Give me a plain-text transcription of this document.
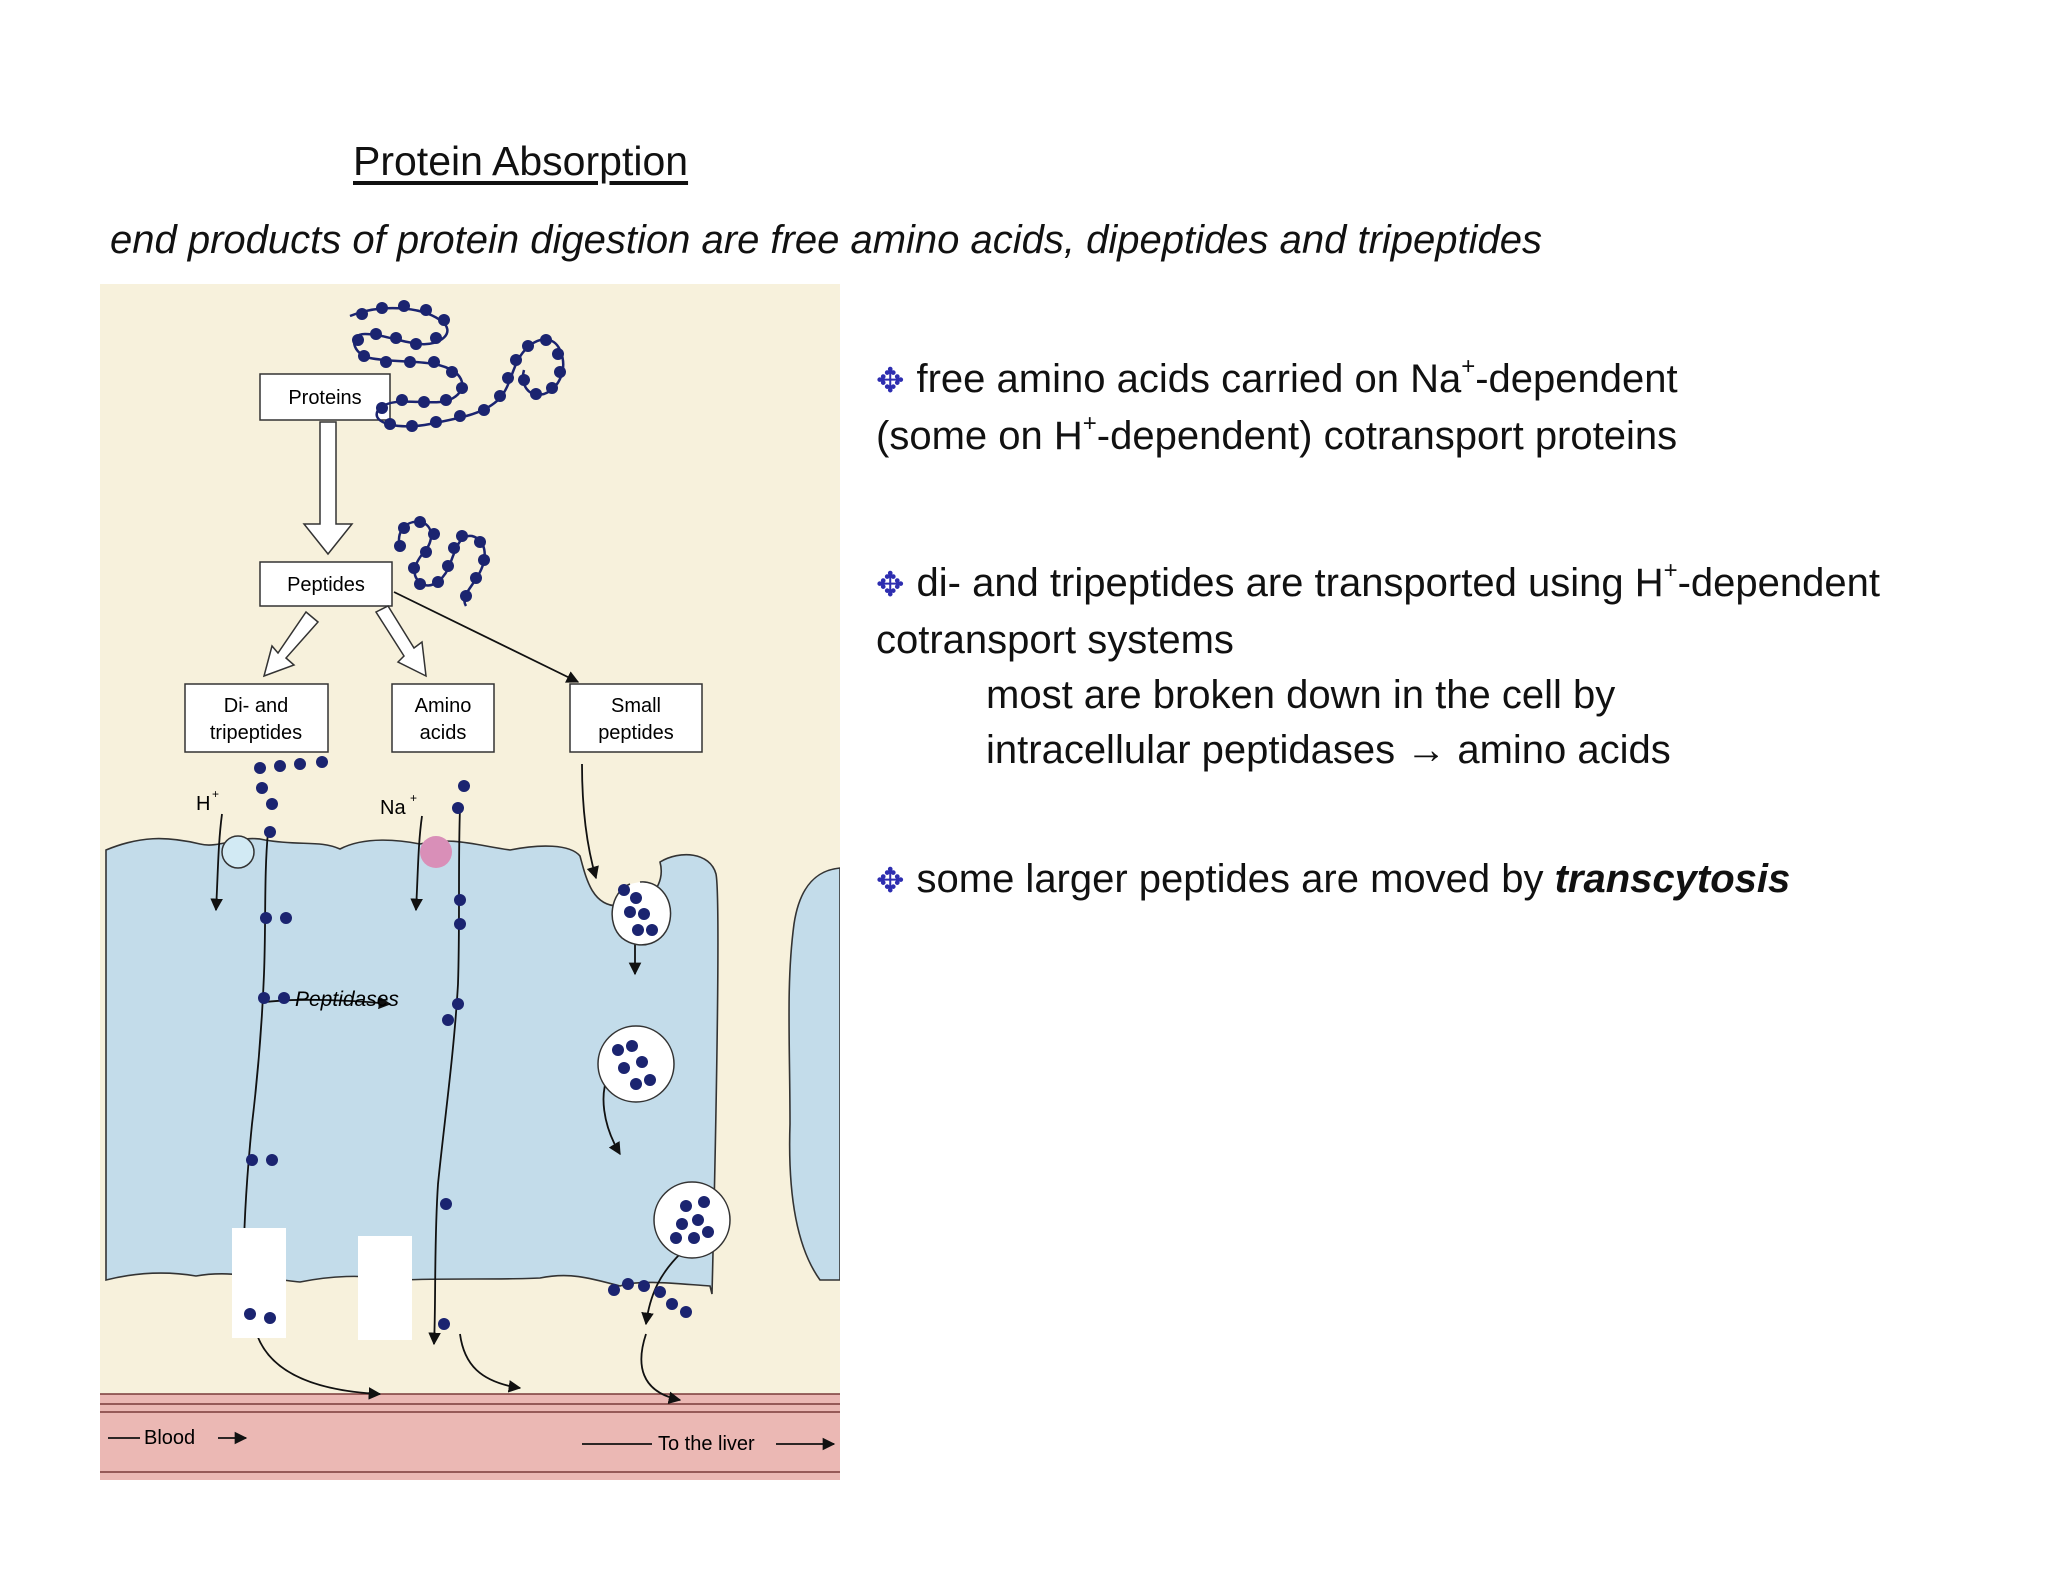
Protein Absorption
end products of protein digestion are free amino acids, dipeptides and tripeptides
Proteins
Peptides
Di- and
tripeptides
Amino
acids
Small
peptides
H +
Na +
Peptidases
Blood	To the liver

✥ free amino acids carried on Na+-dependent
(some on H+-dependent) cotransport proteins

✥ di- and tripeptides are transported using H+-dependent
cotransport systems
most are broken down in the cell by
intracellular peptidases → amino acids

✥ some larger peptides are moved by transcytosis
